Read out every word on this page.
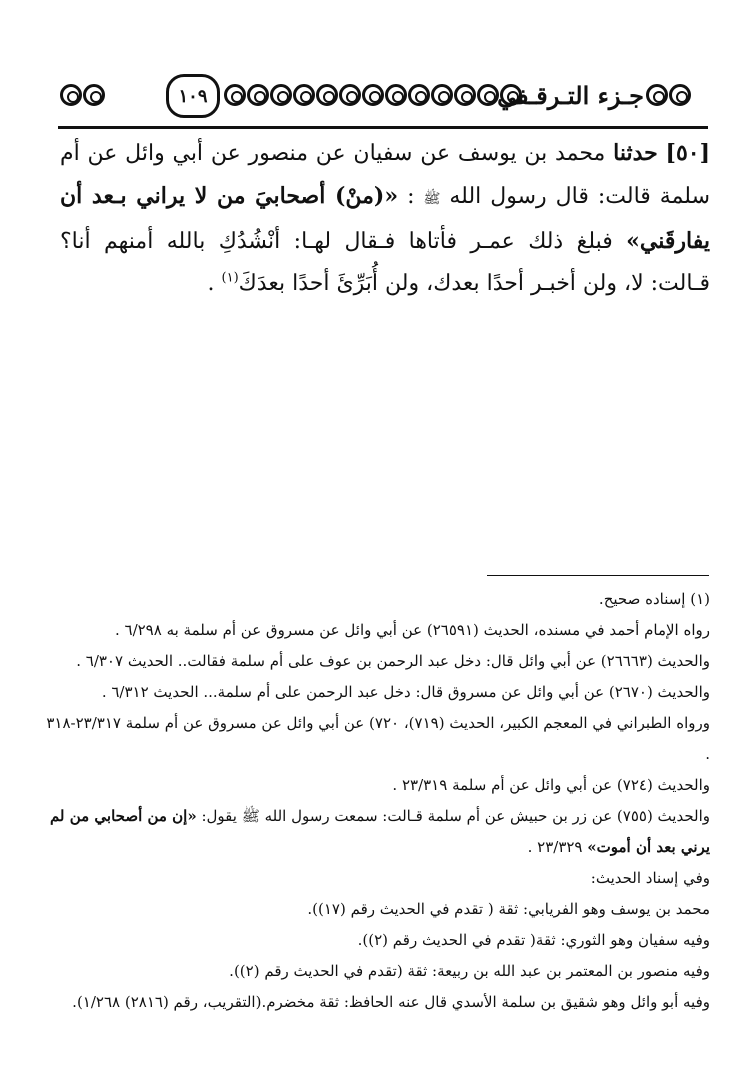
١٠٩	جـزء التـرقـفي

[٥٠] حدثنا محمد بن يوسف عن سفيان عن منصور عن أبي وائل عن أم سلمة قالت: قال رسول الله ﷺ : «(منْ) أصحابيَ من لا يراني بـعد أن يفارقَني» فبلغ ذلك عمـر فأتاها فـقال لهـا: أنْشُدُكِ بالله أمنهم أنا؟ قـالت: لا، ولن أخبـر أحدًا بعدك، ولن أُبَرِّئَ أحدًا بعدَكَ$^{(١)}$ .

(١) إسناده صحيح.

رواه الإمام أحمد في مسنده، الحديث (٢٦٥٩١) عن أبي وائل عن مسروق عن أم سلمة به ٦/٢٩٨ .

والحديث (٢٦٦٦٣) عن أبي وائل قال: دخل عبد الرحمن بن عوف على أم سلمة فقالت.. الحديث ٦/٣٠٧ .

والحديث (٢٦٧٠) عن أبي وائل عن مسروق قال: دخل عبد الرحمن على أم سلمة... الحديث ٦/٣١٢ .

ورواه الطبراني في المعجم الكبير، الحديث (٧١٩)، ٧٢٠) عن أبي وائل عن مسروق عن أم سلمة ٢٣/٣١٧-٣١٨ .

والحديث (٧٢٤) عن أبي وائل عن أم سلمة ٢٣/٣١٩ .

والحديث (٧٥٥) عن زر بن حبيش عن أم سلمة قـالت: سمعت رسول الله ﷺ يقول: «إن من أصحابي من لم يرني بعد أن أموت» ٢٣/٣٢٩ .

وفي إسناد الحديث:

محمد بن يوسف وهو الفريابي: ثقة ( تقدم في الحديث رقم (١٧)).

وفيه سفيان وهو الثوري: ثقة( تقدم في الحديث رقم (٢)).

وفيه منصور بن المعتمر بن عبد الله بن ربيعة: ثقة (تقدم في الحديث رقم (٢)).

وفيه أبو وائل وهو شقيق بن سلمة الأسدي قال عنه الحافظ: ثقة مخضرم.(التقريب، رقم (٢٨١٦) ١/٢٦٨).
